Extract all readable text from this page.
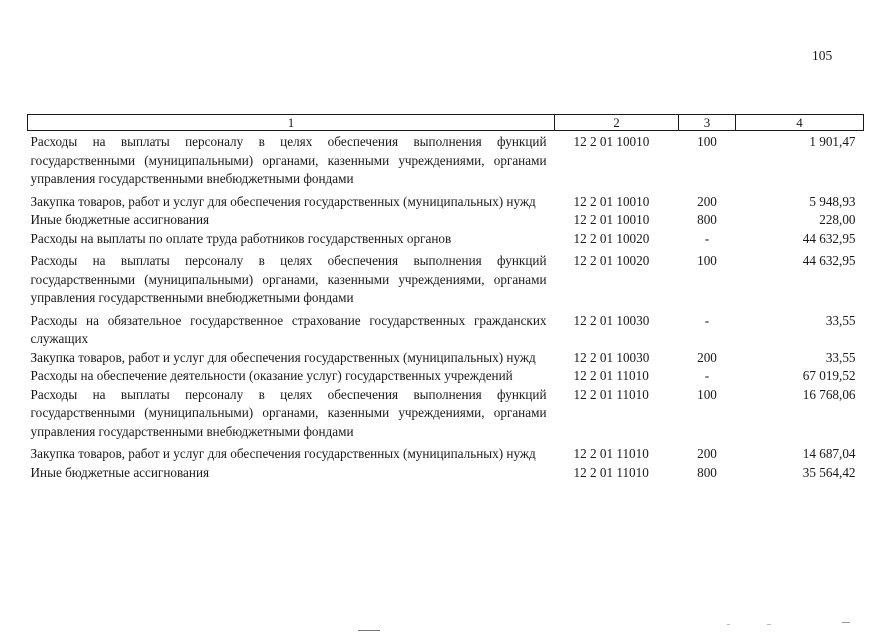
105
1	2	3	4
Расходы на выплаты персоналу в целях обеспечения выполнения функций государственными (муниципальными) органами, казенными учреждениями, органами управления государственными внебюджетными фондами	12 2 01 10010	100	1 901,47
Закупка товаров, работ и услуг для обеспечения государственных (муниципальных) нужд	12 2 01 10010	200	5 948,93
Иные бюджетные ассигнования	12 2 01 10010	800	228,00
Расходы на выплаты по оплате труда работников государственных органов	12 2 01 10020	-	44 632,95
Расходы на выплаты персоналу в целях обеспечения выполнения функций государственными (муниципальными) органами, казенными учреждениями, органами управления государственными внебюджетными фондами	12 2 01 10020	100	44 632,95
Расходы на обязательное государственное страхование государственных гражданских служащих	12 2 01 10030	-	33,55
Закупка товаров, работ и услуг для обеспечения государственных (муниципальных) нужд	12 2 01 10030	200	33,55
Расходы на обеспечение деятельности (оказание услуг) государственных учреждений	12 2 01 11010	-	67 019,52
Расходы на выплаты персоналу в целях обеспечения выполнения функций государственными (муниципальными) органами, казенными учреждениями, органами управления государственными внебюджетными фондами	12 2 01 11010	100	16 768,06
Закупка товаров, работ и услуг для обеспечения государственных (муниципальных) нужд	12 2 01 11010	200	14 687,04
Иные бюджетные ассигнования	12 2 01 11010	800	35 564,42
